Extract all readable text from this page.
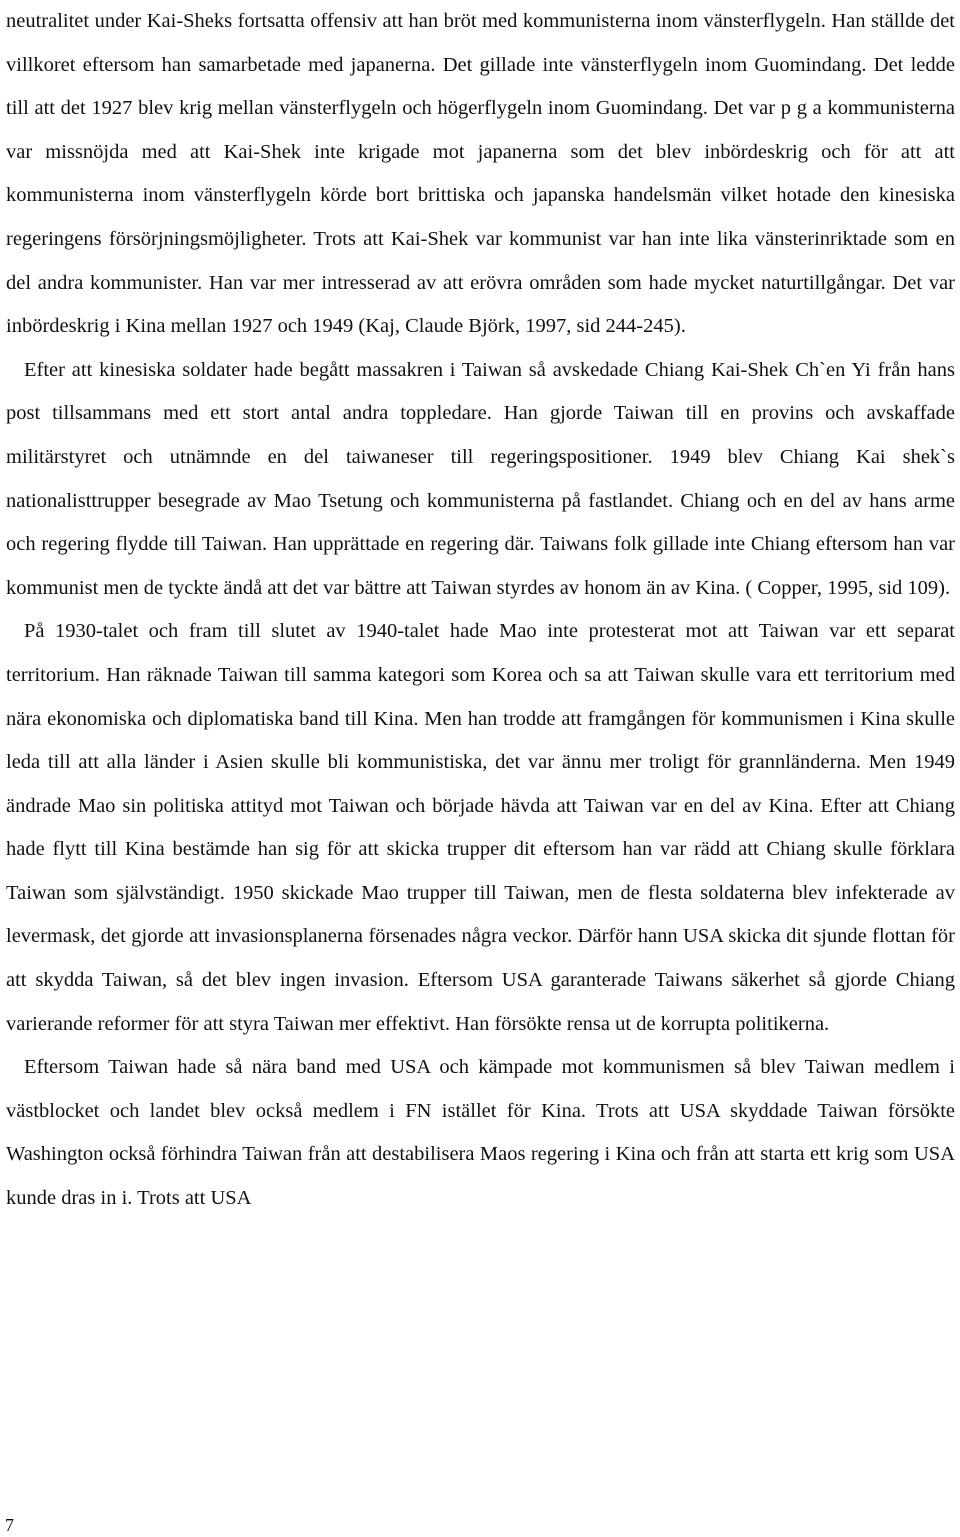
neutralitet under Kai-Sheks fortsatta offensiv att han bröt med kommunisterna inom vänsterflygeln. Han ställde det villkoret eftersom han samarbetade med japanerna. Det gillade inte vänsterflygeln inom Guomindang. Det ledde till att det 1927 blev krig mellan vänsterflygeln och högerflygeln inom Guomindang. Det var p g a kommunisterna var missnöjda med att Kai-Shek inte krigade mot japanerna som det blev inbördeskrig och för att att kommunisterna inom vänsterflygeln körde bort brittiska och japanska handelsmän vilket hotade den kinesiska regeringens försörjningsmöjligheter. Trots att Kai-Shek var kommunist var han inte lika vänsterinriktade som en del andra kommunister. Han var mer intresserad av att erövra områden som hade mycket naturtillgångar. Det var inbördeskrig i Kina mellan 1927 och 1949 (Kaj, Claude Björk, 1997, sid 244-245).

Efter att kinesiska soldater hade begått massakren i Taiwan så avskedade Chiang Kai-Shek Ch`en Yi från hans post tillsammans med ett stort antal andra toppledare. Han gjorde Taiwan till en provins och avskaffade militärstyret och utnämnde en del taiwaneser till regeringspositioner. 1949 blev Chiang Kai shek`s nationalisttrupper besegrade av Mao Tsetung och kommunisterna på fastlandet. Chiang och en del av hans arme och regering flydde till Taiwan. Han upprättade en regering där. Taiwans folk gillade inte Chiang eftersom han var kommunist men de tyckte ändå att det var bättre att Taiwan styrdes av honom än av Kina. ( Copper, 1995, sid 109).

På 1930-talet och fram till slutet av 1940-talet hade Mao inte protesterat mot att Taiwan var ett separat territorium. Han räknade Taiwan till samma kategori som Korea och sa att Taiwan skulle vara ett territorium med nära ekonomiska och diplomatiska band till Kina. Men han trodde att framgången för kommunismen i Kina skulle leda till att alla länder i Asien skulle bli kommunistiska, det var ännu mer troligt för grannländerna. Men 1949 ändrade Mao sin politiska attityd mot Taiwan och började hävda att Taiwan var en del av Kina. Efter att Chiang hade flytt till Kina bestämde han sig för att skicka trupper dit eftersom han var rädd att Chiang skulle förklara Taiwan som självständigt. 1950 skickade Mao trupper till Taiwan, men de flesta soldaterna blev infekterade av levermask, det gjorde att invasionsplanerna försenades några veckor. Därför hann USA skicka dit sjunde flottan för att skydda Taiwan, så det blev ingen invasion. Eftersom USA garanterade Taiwans säkerhet så gjorde Chiang varierande reformer för att styra Taiwan mer effektivt. Han försökte rensa ut de korrupta politikerna.

Eftersom Taiwan hade så nära band med USA och kämpade mot kommunismen så blev Taiwan medlem i västblocket och landet blev också medlem i FN istället för Kina. Trots att USA skyddade Taiwan försökte Washington också förhindra Taiwan från att destabilisera Maos regering i Kina och från att starta ett krig som USA kunde dras in i. Trots att USA

7
